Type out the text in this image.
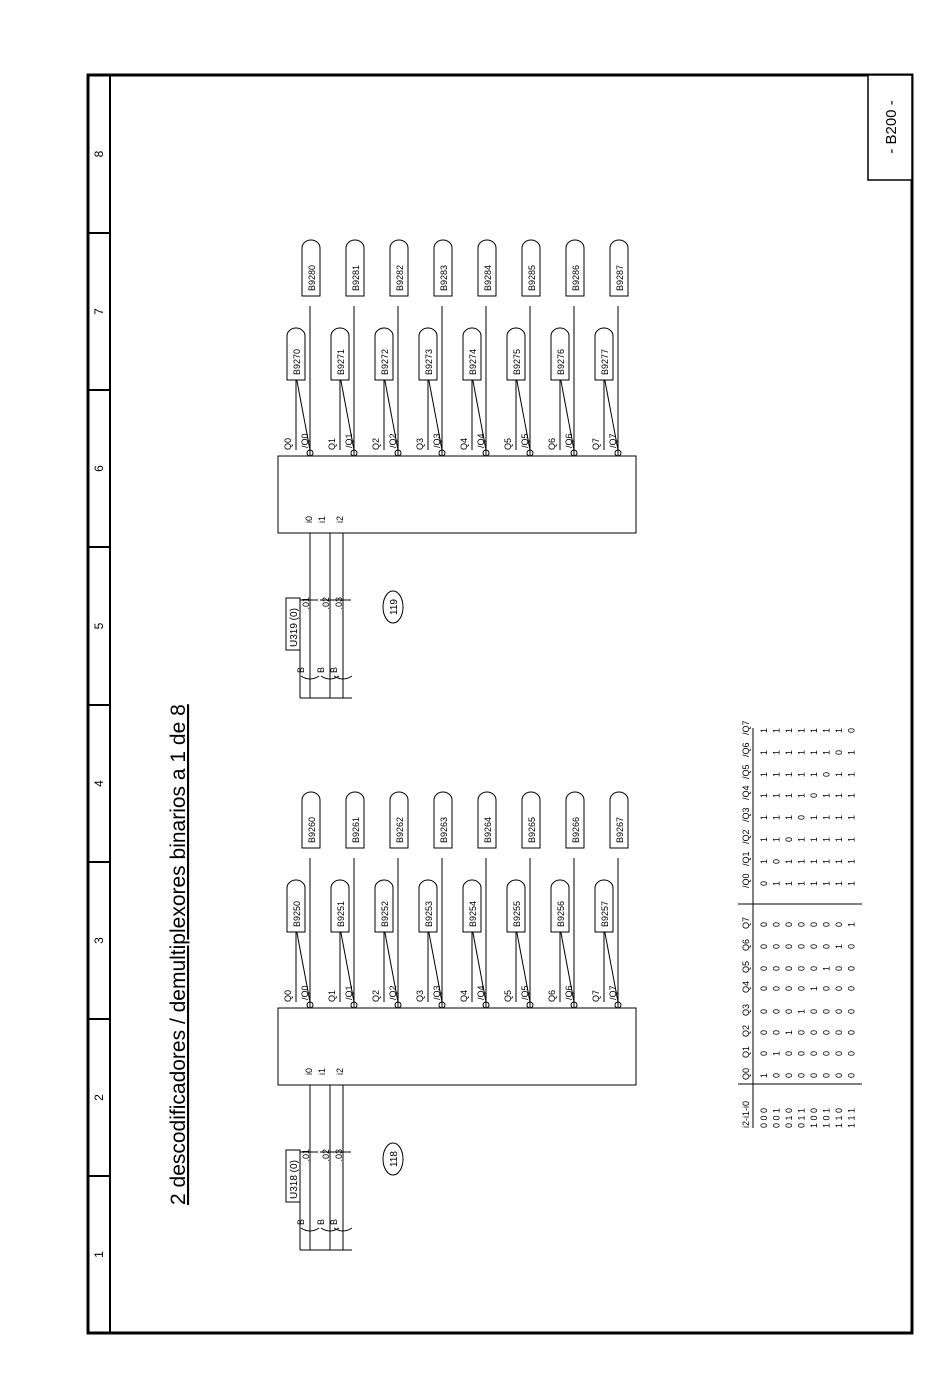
1
2
3
4
5
6
7
8
- B200 -
2 descodificadores / demultiplexores binarios a 1 de 8	i0 i1 i2
U318 (0)
.01
B
.02
B
.03
B
118
Q0 /Q0
B9250
B9260
Q1 /Q1
B9251
B9261
Q2 /Q2
B9252
B9262
Q3 /Q3
B9253
B9263
Q4 /Q4
B9254
B9264
Q5 /Q5
B9255
B9265
Q6 /Q6
B9256
B9266
Q7 /Q7
B9257
B9267
i0 i1 i2
U319 (0)
.01
B
.02
B
.03
B
119
Q0 /Q0
B9270
B9280
Q1 /Q1
B9271
B9281
Q2 /Q2
B9272
B9282
Q3 /Q3
B9273
B9283
Q4 /Q4
B9274
B9284
Q5 /Q5
B9275
B9285
Q6 /Q6
B9276
B9286
Q7 /Q7
B9277
B9287
i2-i1-i0
Q0
Q1
Q2
Q3
Q4
Q5
Q6
Q7
/Q0
/Q1
/Q2
/Q3
/Q4
/Q5
/Q6
/Q7
0 0 0
1
0
0
0
0
0
0
0
0
1
1
1
1
1
1
1
0 0 1
0
1
0
0
0
0
0
0
1
0
1
1
1
1
1
1
0 1 0
0
0
1
0
0
0
0
0
1
1
0
1
1
1
1
1
0 1 1
0
0
0
1
0
0
0
0
1
1
1
0
1
1
1
1
1 0 0
0
0
0
0
1
0
0
0
1
1
1
1
0
1
1
1
1 0 1
0
0
0
0
0
1
0
0
1
1
1
1
1
0
1
1
1 1 0
0
0
0
0
0
0
1
0
1
1
1
1
1
1
0
1
1 1 1
0
0
0
0
0
0
0
1
1
1
1
1
1
1
1
0
